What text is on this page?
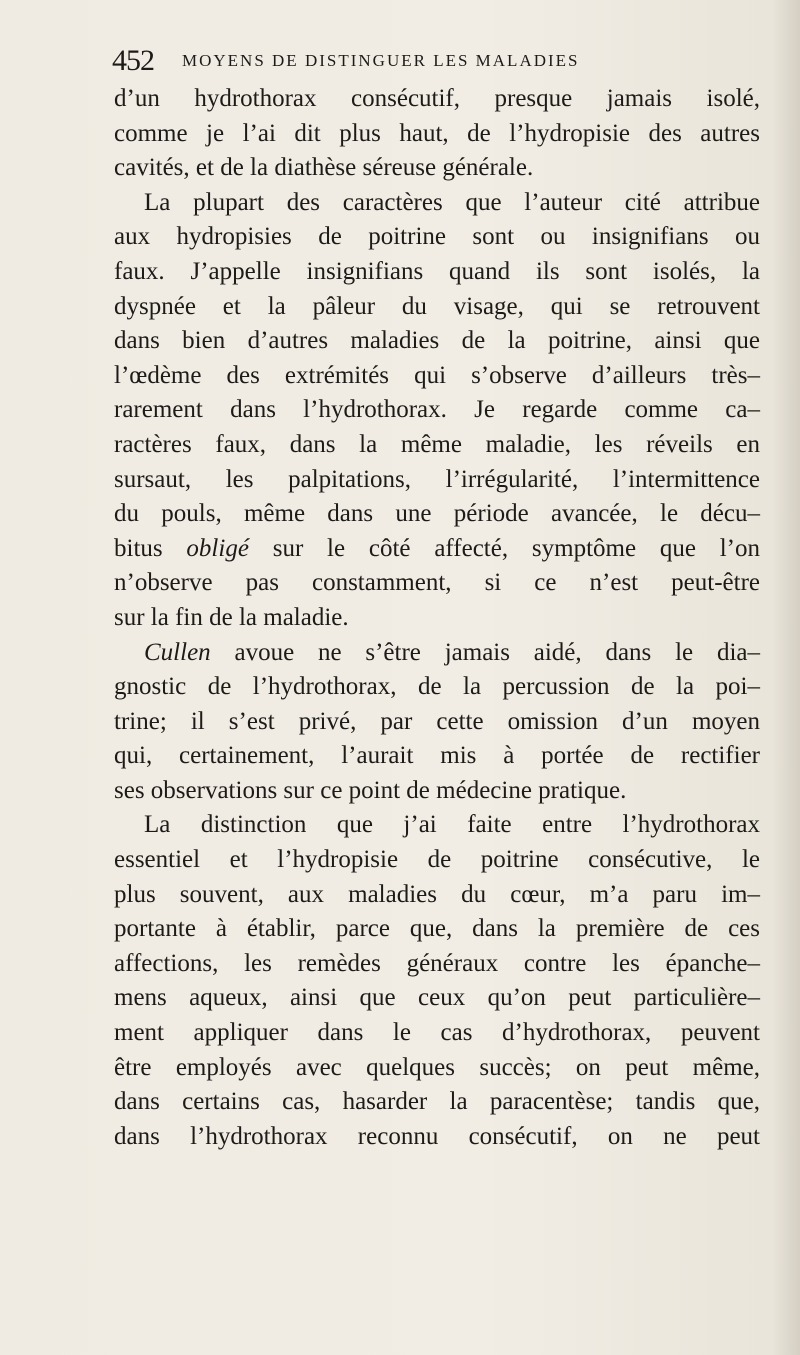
452 MOYENS DE DISTINGUER LES MALADIES
d’un hydrothorax consécutif, presque jamais isolé,
comme je l’ai dit plus haut, de l’hydropisie des autres
cavités, et de la diathèse séreuse générale.
La plupart des caractères que l’auteur cité attribue
aux hydropisies de poitrine sont ou insignifians ou
faux. J’appelle insignifians quand ils sont isolés, la
dyspnée et la pâleur du visage, qui se retrouvent
dans bien d’autres maladies de la poitrine, ainsi que
l’œdème des extrémités qui s’observe d’ailleurs très–
rarement dans l’hydrothorax. Je regarde comme ca–
ractères faux, dans la même maladie, les réveils en
sursaut, les palpitations, l’irrégularité, l’intermittence
du pouls, même dans une période avancée, le décu–
bitus obligé sur le côté affecté, symptôme que l’on
n’observe pas constamment, si ce n’est peut-être
sur la fin de la maladie.
Cullen avoue ne s’être jamais aidé, dans le dia–
gnostic de l’hydrothorax, de la percussion de la poi–
trine; il s’est privé, par cette omission d’un moyen
qui, certainement, l’aurait mis à portée de rectifier
ses observations sur ce point de médecine pratique.
La distinction que j’ai faite entre l’hydrothorax
essentiel et l’hydropisie de poitrine consécutive, le
plus souvent, aux maladies du cœur, m’a paru im–
portante à établir, parce que, dans la première de ces
affections, les remèdes généraux contre les épanche–
mens aqueux, ainsi que ceux qu’on peut particulière–
ment appliquer dans le cas d’hydrothorax, peuvent
être employés avec quelques succès; on peut même,
dans certains cas, hasarder la paracentèse; tandis que,
dans l’hydrothorax reconnu consécutif, on ne peut
